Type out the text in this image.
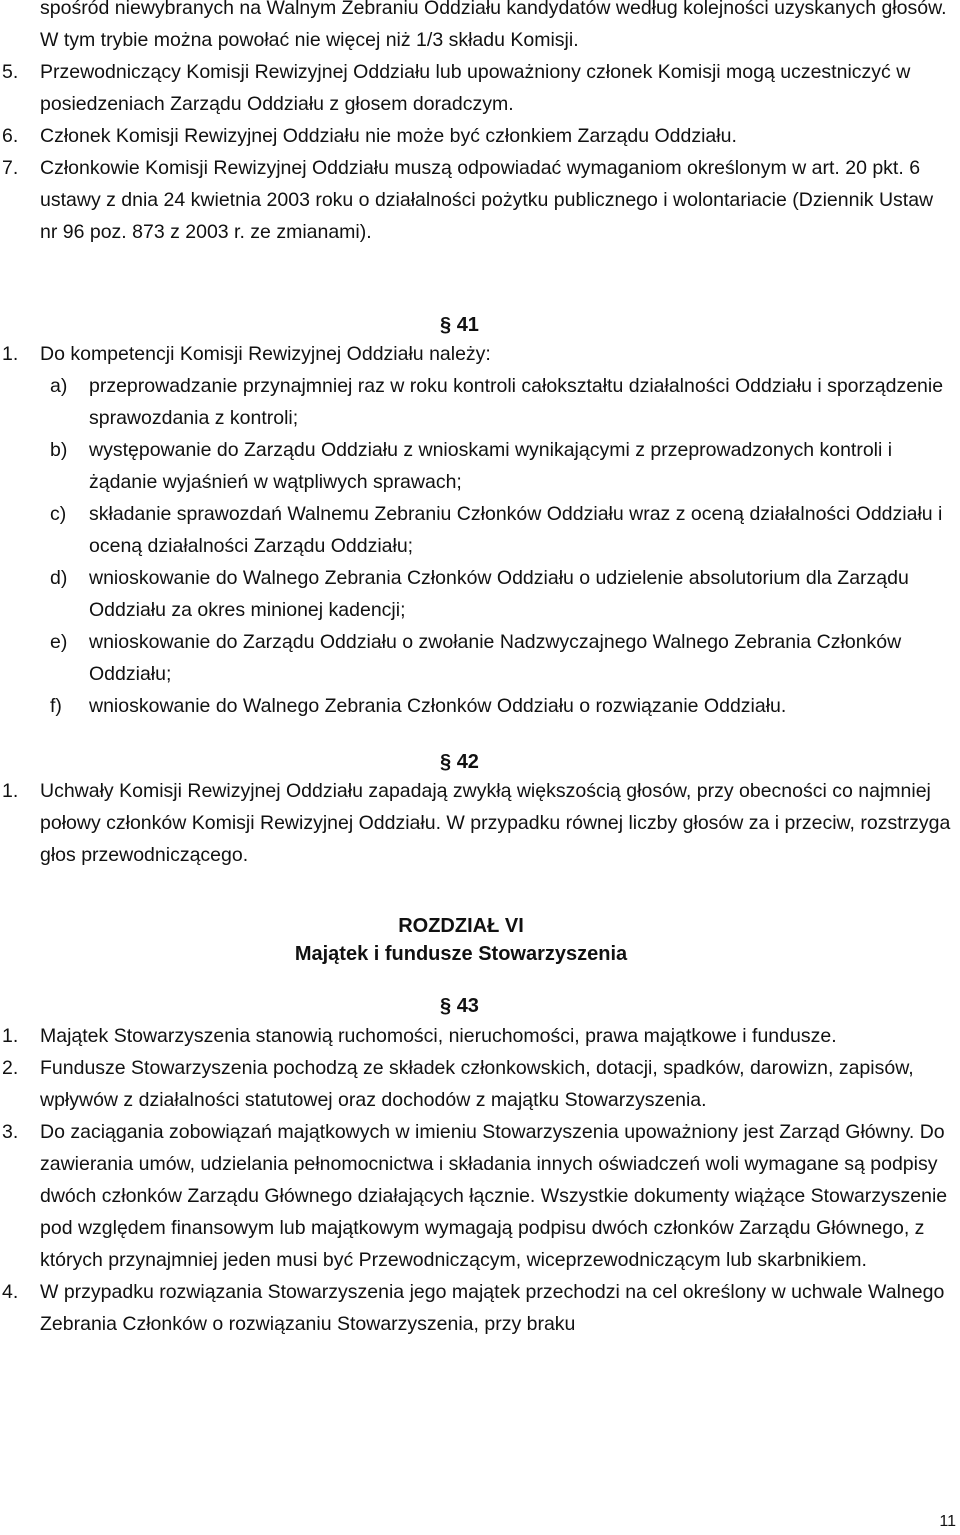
spośród niewybranych na Walnym Zebraniu Oddziału kandydatów według kolejności uzyskanych głosów. W tym trybie można powołać nie więcej niż 1/3 składu Komisji.
5. Przewodniczący Komisji Rewizyjnej Oddziału lub upoważniony członek Komisji mogą uczestniczyć w posiedzeniach Zarządu Oddziału z głosem doradczym.
6. Członek Komisji Rewizyjnej Oddziału nie może być członkiem Zarządu Oddziału.
7. Członkowie Komisji Rewizyjnej Oddziału muszą odpowiadać wymaganiom określonym w art. 20 pkt. 6 ustawy z dnia 24 kwietnia 2003 roku o działalności pożytku publicznego i wolontariacie (Dziennik Ustaw nr 96 poz. 873 z 2003 r. ze zmianami).
§ 41
1. Do kompetencji Komisji Rewizyjnej Oddziału należy:
a) przeprowadzanie przynajmniej raz w roku kontroli całokształtu działalności Oddziału i sporządzenie sprawozdania z kontroli;
b) występowanie do Zarządu Oddziału z wnioskami wynikającymi z przeprowadzonych kontroli i żądanie wyjaśnień w wątpliwych sprawach;
c) składanie sprawozdań Walnemu Zebraniu Członków Oddziału wraz z oceną działalności Oddziału i oceną działalności Zarządu Oddziału;
d) wnioskowanie do Walnego Zebrania Członków Oddziału o udzielenie absolutorium dla Zarządu Oddziału za okres minionej kadencji;
e) wnioskowanie do Zarządu Oddziału o zwołanie Nadzwyczajnego Walnego Zebrania Członków Oddziału;
f) wnioskowanie do Walnego Zebrania Członków Oddziału o rozwiązanie Oddziału.
§ 42
1. Uchwały Komisji Rewizyjnej Oddziału zapadają zwykłą większością głosów, przy obecności co najmniej połowy członków Komisji Rewizyjnej Oddziału. W przypadku równej liczby głosów za i przeciw, rozstrzyga głos przewodniczącego.
ROZDZIAŁ VI
Majątek i fundusze Stowarzyszenia
§ 43
1. Majątek Stowarzyszenia stanowią ruchomości, nieruchomości, prawa majątkowe i fundusze.
2. Fundusze Stowarzyszenia pochodzą ze składek członkowskich, dotacji, spadków, darowizn, zapisów, wpływów z działalności statutowej oraz dochodów z majątku Stowarzyszenia.
3. Do zaciągania zobowiązań majątkowych w imieniu Stowarzyszenia upoważniony jest Zarząd Główny. Do zawierania umów, udzielania pełnomocnictwa i składania innych oświadczeń woli wymagane są podpisy dwóch członków Zarządu Głównego działających łącznie. Wszystkie dokumenty wiążące Stowarzyszenie pod względem finansowym lub majątkowym wymagają podpisu dwóch członków Zarządu Głównego, z których przynajmniej jeden musi być Przewodniczącym, wiceprzewodniczącym lub skarbnikiem.
4. W przypadku rozwiązania Stowarzyszenia jego majątek przechodzi na cel określony w uchwale Walnego Zebrania Członków o rozwiązaniu Stowarzyszenia, przy braku
11
